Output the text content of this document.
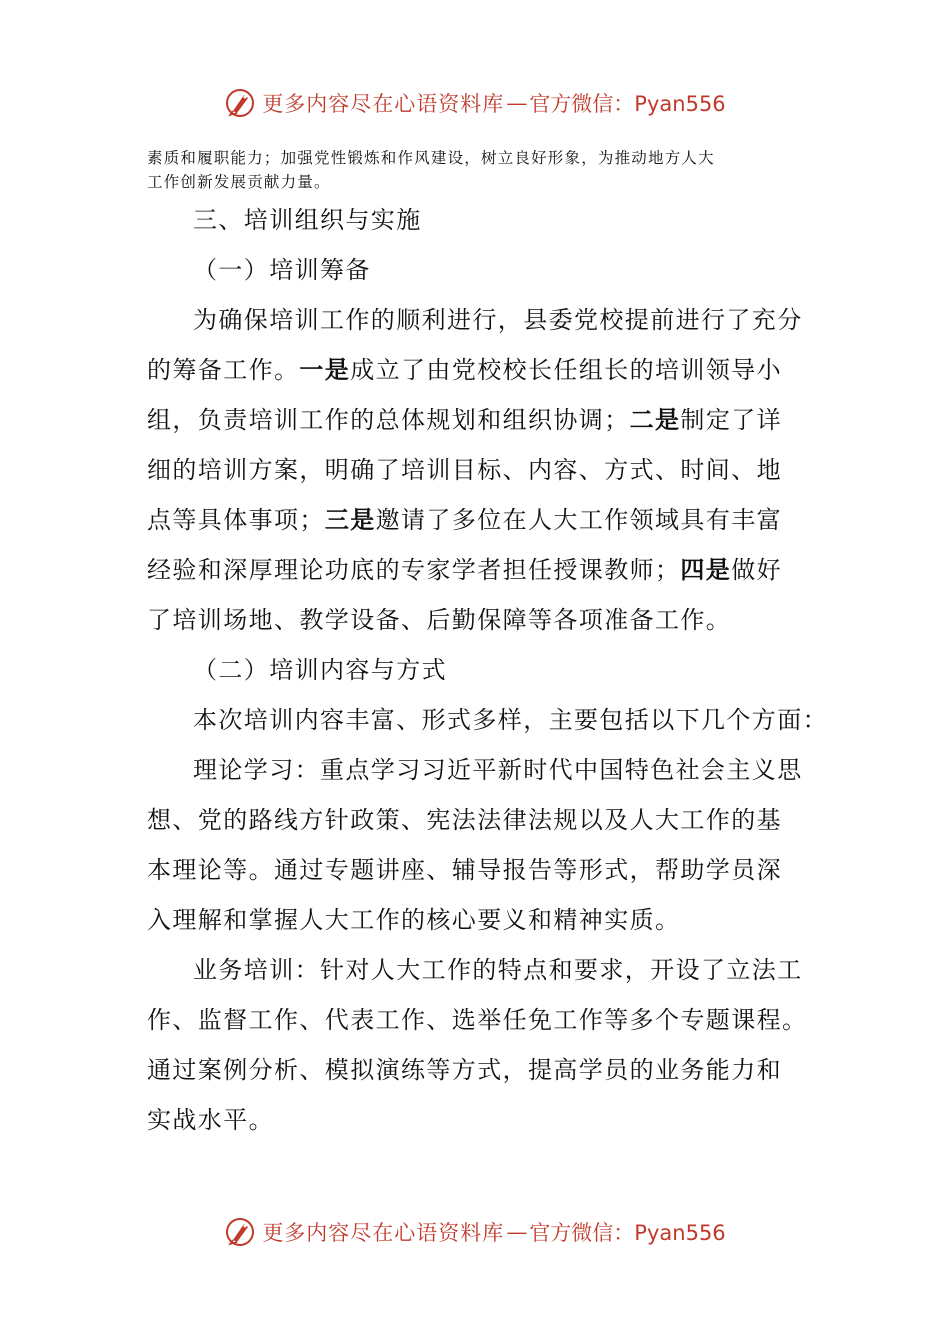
更多内容尽在心语资料库 — 官方微信：Pyan556
素质和履职能力；加强党性锻炼和作风建设，树立良好形象，为推动地方人大
工作创新发展贡献力量。
三、培训组织与实施
（一）培训筹备
为确保培训工作的顺利进行，县委党校提前进行了充分
的筹备工作。一是成立了由党校校长任组长的培训领导小
组，负责培训工作的总体规划和组织协调；二是制定了详
细的培训方案，明确了培训目标、内容、方式、时间、地
点等具体事项；三是邀请了多位在人大工作领域具有丰富
经验和深厚理论功底的专家学者担任授课教师；四是做好
了培训场地、教学设备、后勤保障等各项准备工作。
（二）培训内容与方式
本次培训内容丰富、形式多样，主要包括以下几个方面：
理论学习：重点学习习近平新时代中国特色社会主义思
想、党的路线方针政策、宪法法律法规以及人大工作的基
本理论等。通过专题讲座、辅导报告等形式，帮助学员深
入理解和掌握人大工作的核心要义和精神实质。
业务培训：针对人大工作的特点和要求，开设了立法工
作、监督工作、代表工作、选举任免工作等多个专题课程。
通过案例分析、模拟演练等方式，提高学员的业务能力和
实战水平。
更多内容尽在心语资料库 — 官方微信：Pyan556
